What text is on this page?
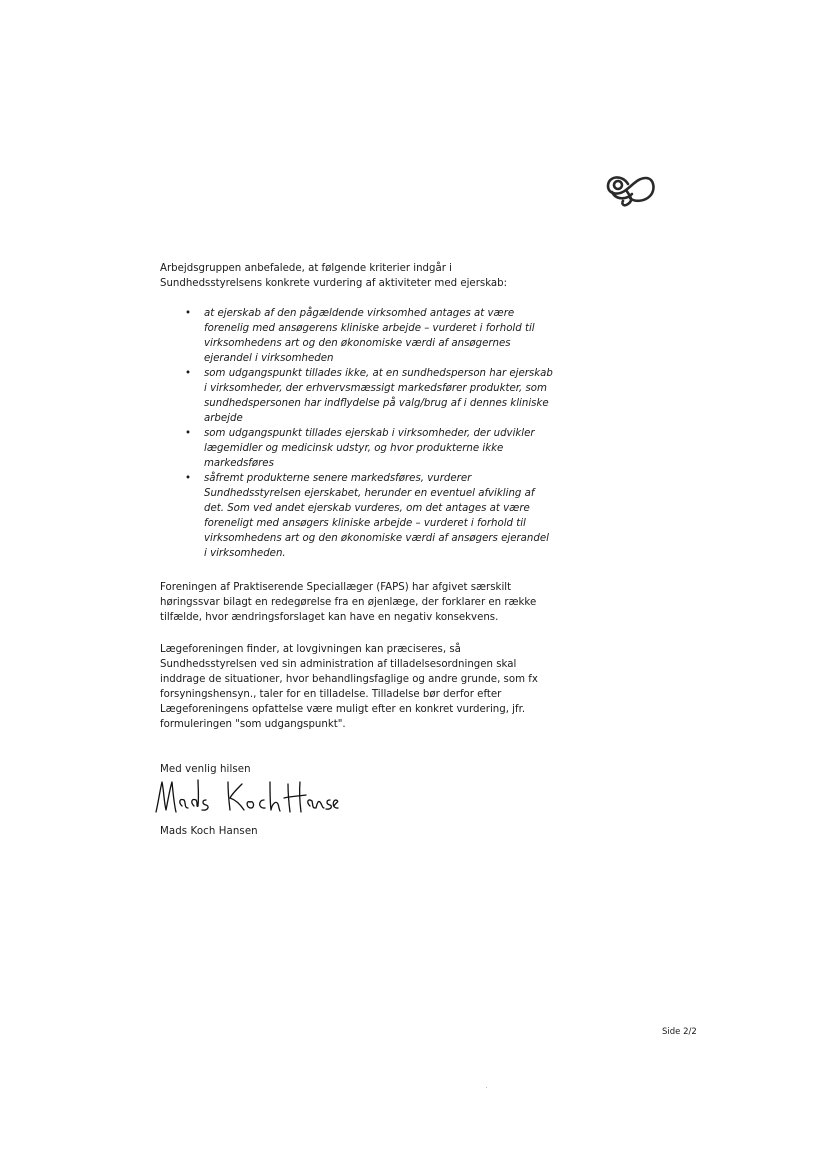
Arbejdsgruppen anbefalede, at følgende kriterier indgår i
Sundhedsstyrelsens konkrete vurdering af aktiviteter med ejerskab:
• at ejerskab af den pågældende virksomhed antages at være
forenelig med ansøgerens kliniske arbejde – vurderet i forhold til
virksomhedens art og den økonomiske værdi af ansøgernes
ejerandel i virksomheden
• som udgangspunkt tillades ikke, at en sundhedsperson har ejerskab
i virksomheder, der erhvervsmæssigt markedsfører produkter, som
sundhedspersonen har indflydelse på valg/brug af i dennes kliniske
arbejde
• som udgangspunkt tillades ejerskab i virksomheder, der udvikler
lægemidler og medicinsk udstyr, og hvor produkterne ikke
markedsføres
• såfremt produkterne senere markedsføres, vurderer
Sundhedsstyrelsen ejerskabet, herunder en eventuel afvikling af
det. Som ved andet ejerskab vurderes, om det antages at være
foreneligt med ansøgers kliniske arbejde – vurderet i forhold til
virksomhedens art og den økonomiske værdi af ansøgers ejerandel
i virksomheden.
Foreningen af Praktiserende Speciallæger (FAPS) har afgivet særskilt
høringssvar bilagt en redegørelse fra en øjenlæge, der forklarer en række
tilfælde, hvor ændringsforslaget kan have en negativ konsekvens.
Lægeforeningen finder, at lovgivningen kan præciseres, så
Sundhedsstyrelsen ved sin administration af tilladelsesordningen skal
inddrage de situationer, hvor behandlingsfaglige og andre grunde, som fx
forsyningshensyn., taler for en tilladelse. Tilladelse bør derfor efter
Lægeforeningens opfattelse være muligt efter en konkret vurdering, jfr.
formuleringen "som udgangspunkt".
Med venlig hilsen
Mads Koch Hansen
Side 2/2
